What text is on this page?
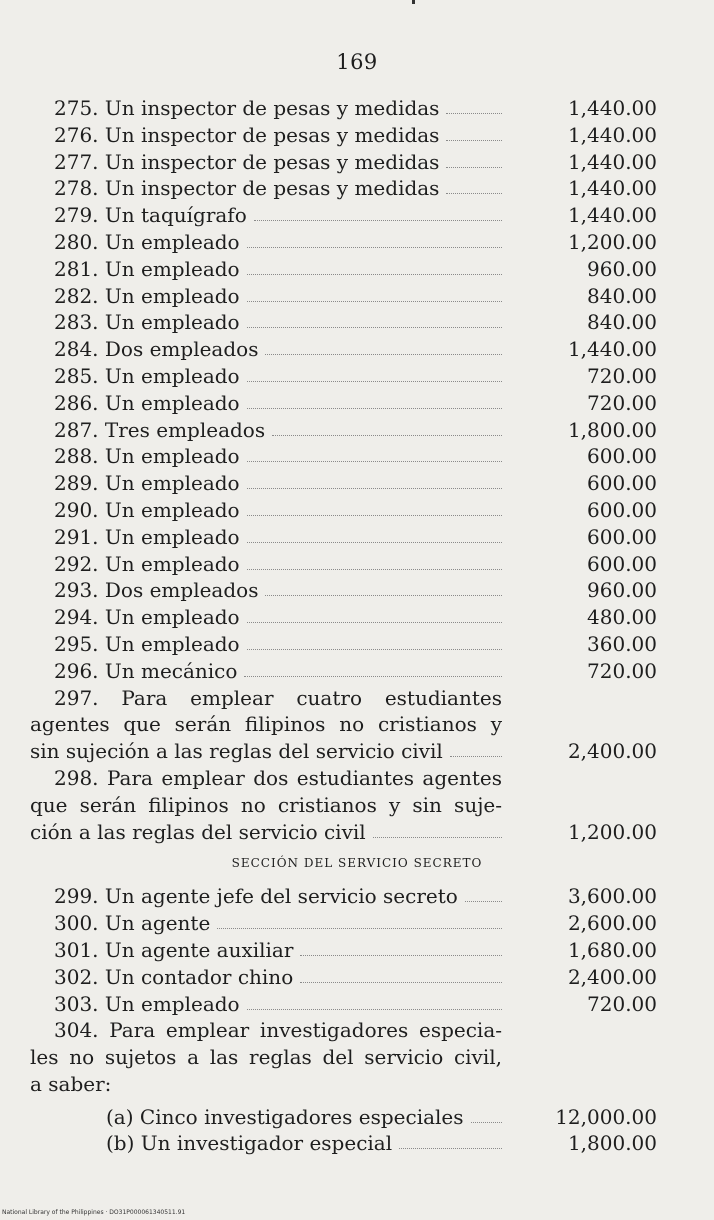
169
275. Un inspector de pesas y medidas	1,440.00
276. Un inspector de pesas y medidas	1,440.00
277. Un inspector de pesas y medidas	1,440.00
278. Un inspector de pesas y medidas	1,440.00
279. Un taquígrafo	1,440.00
280. Un empleado	1,200.00
281. Un empleado	960.00
282. Un empleado	840.00
283. Un empleado	840.00
284. Dos empleados	1,440.00
285. Un empleado	720.00
286. Un empleado	720.00
287. Tres empleados	1,800.00
288. Un empleado	600.00
289. Un empleado	600.00
290. Un empleado	600.00
291. Un empleado	600.00
292. Un empleado	600.00
293. Dos empleados	960.00
294. Un empleado	480.00
295. Un empleado	360.00
296. Un mecánico	720.00
297. Para emplear cuatro estudiantes
agentes que serán filipinos no cristianos y
sin sujeción a las reglas del servicio civil	2,400.00
298. Para emplear dos estudiantes agentes
que serán filipinos no cristianos y sin suje-
ción a las reglas del servicio civil	1,200.00
SECCIÓN DEL SERVICIO SECRETO
299. Un agente jefe del servicio secreto	3,600.00
300. Un agente	2,600.00
301. Un agente auxiliar	1,680.00
302. Un contador chino	2,400.00
303. Un empleado	720.00
304. Para emplear investigadores especia-
les no sujetos a las reglas del servicio civil,
a saber:
(a) Cinco investigadores especiales	12,000.00
(b) Un investigador especial	1,800.00
National Library of the Philippines · DO31P000061340511.91
